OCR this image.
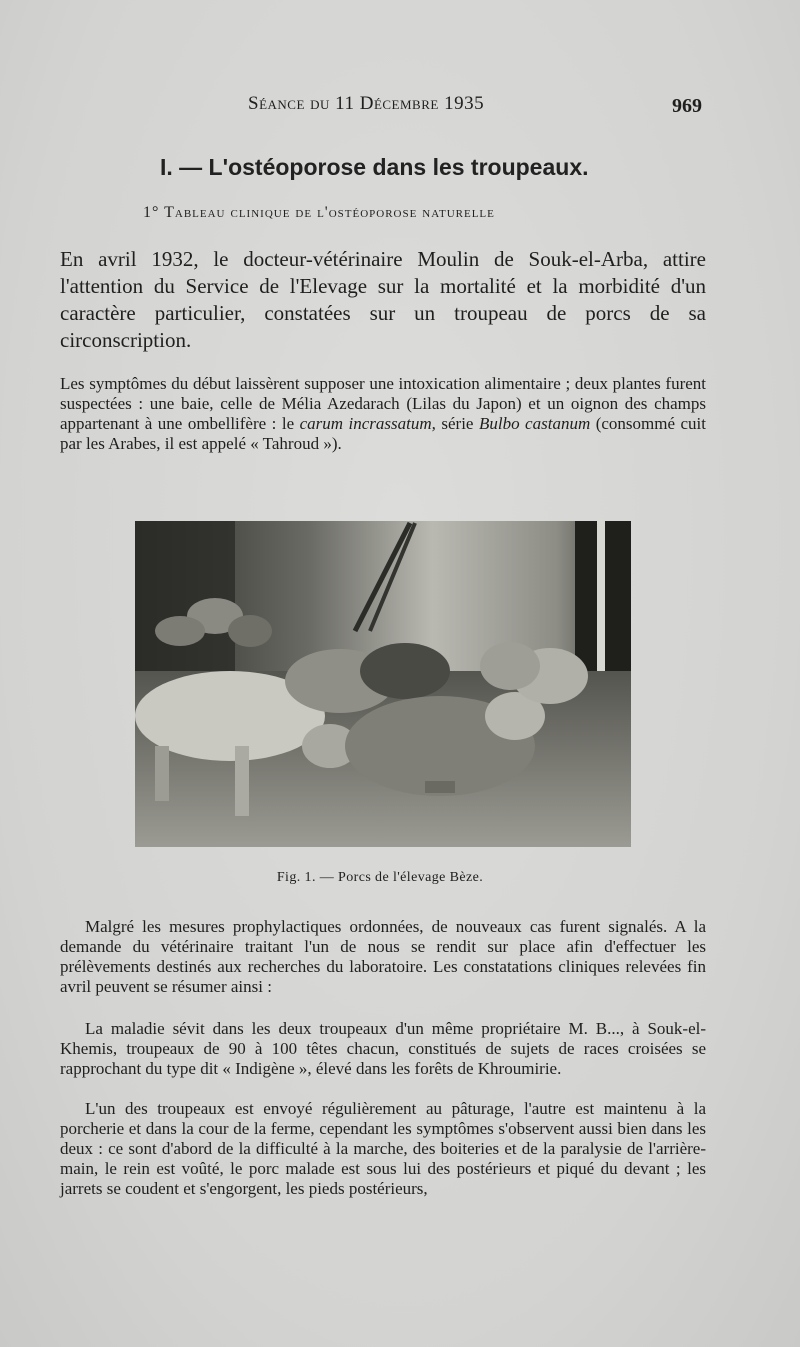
Séance du 11 Décembre 1935	969
I. — L'ostéoporose dans les troupeaux.
1° Tableau clinique de l'ostéoporose naturelle

En avril 1932, le docteur-vétérinaire Moulin de Souk-el-Arba, attire l'attention du Service de l'Elevage sur la mortalité et la morbidité d'un caractère particulier, constatées sur un troupeau de porcs de sa circonscription.

Les symptômes du début laissèrent supposer une intoxication alimentaire ; deux plantes furent suspectées : une baie, celle de Mélia Azedarach (Lilas du Japon) et un oignon des champs appartenant à une ombellifère : le carum incrassatum, série Bulbo castanum (consommé cuit par les Arabes, il est appelé « Tahroud »).

Fig. 1. — Porcs de l'élevage Bèze.

Malgré les mesures prophylactiques ordonnées, de nouveaux cas furent signalés. A la demande du vétérinaire traitant l'un de nous se rendit sur place afin d'effectuer les prélèvements destinés aux recherches du laboratoire. Les constatations cliniques relevées fin avril peuvent se résumer ainsi :

La maladie sévit dans les deux troupeaux d'un même propriétaire M. B..., à Souk-el-Khemis, troupeaux de 90 à 100 têtes chacun, constitués de sujets de races croisées se rapprochant du type dit « Indigène », élevé dans les forêts de Khroumirie.

L'un des troupeaux est envoyé régulièrement au pâturage, l'autre est maintenu à la porcherie et dans la cour de la ferme, cependant les symptômes s'observent aussi bien dans les deux : ce sont d'abord de la difficulté à la marche, des boiteries et de la paralysie de l'arrière-main, le rein est voûté, le porc malade est sous lui des postérieurs et piqué du devant ; les jarrets se coudent et s'engorgent, les pieds postérieurs,
